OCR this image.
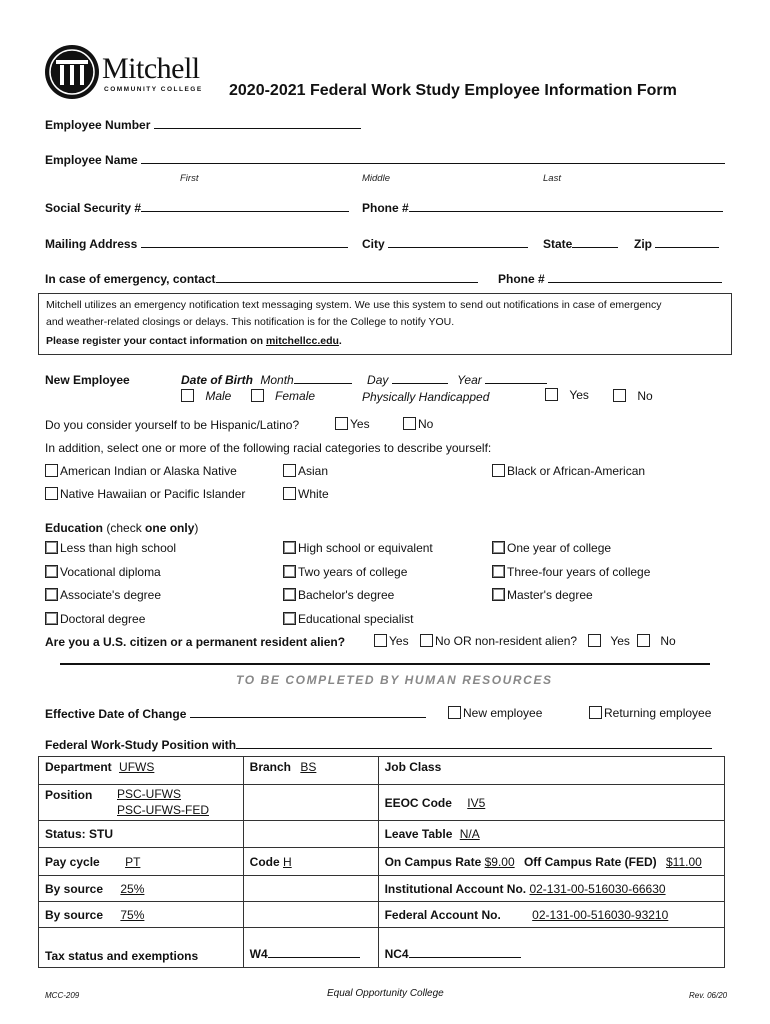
Mitchell
COMMUNITY COLLEGE 2020-2021 Federal Work Study Employee Information Form
Employee Number
Employee Name
First	Middle	Last
Social Security #	Phone #
Mailing Address	City	State	Zip
In case of emergency, contact	Phone #
Mitchell utilizes an emergency notification text messaging system. We use this system to send out notifications in case of emergency
and weather-related closings or delays. This notification is for the College to notify YOU.
Please register your contact information on mitchellcc.edu.
New Employee	Date of Birth Month	Day	Year
Male	Female	Physically Handicapped	Yes	No
Do you consider yourself to be Hispanic/Latino?	Yes	No
In addition, select one or more of the following racial categories to describe yourself:
American Indian or Alaska Native	Asian	Black or African-American
Native Hawaiian or Pacific Islander	White
Education (check one only)
Less than high school	High school or equivalent	One year of college
Vocational diploma	Two years of college	Three-four years of college
Associate's degree	Bachelor's degree	Master's degree
Doctoral degree	Educational specialist
Are you a U.S. citizen or a permanent resident alien?	Yes	No OR non-resident alien?	Yes	No
TO BE COMPLETED BY HUMAN RESOURCES
Effective Date of Change	New employee	Returning employee
Federal Work-Study Position with
Department UFWS	Branch BS	Job Class
Position PSC-UFWS
PSC-UFWS-FED		EEOC Code IV5
Status: STU		Leave Table N/A
Pay cycle PT	Code H	On Campus Rate $9.00 Off Campus Rate (FED) $11.00
By source 25%		Institutional Account No. 02-131-00-516030-66630
By source 75%		Federal Account No. 02-131-00-516030-93210
Tax status and exemptions	W4	NC4
MCC-209	Equal Opportunity College	Rev. 06/20
